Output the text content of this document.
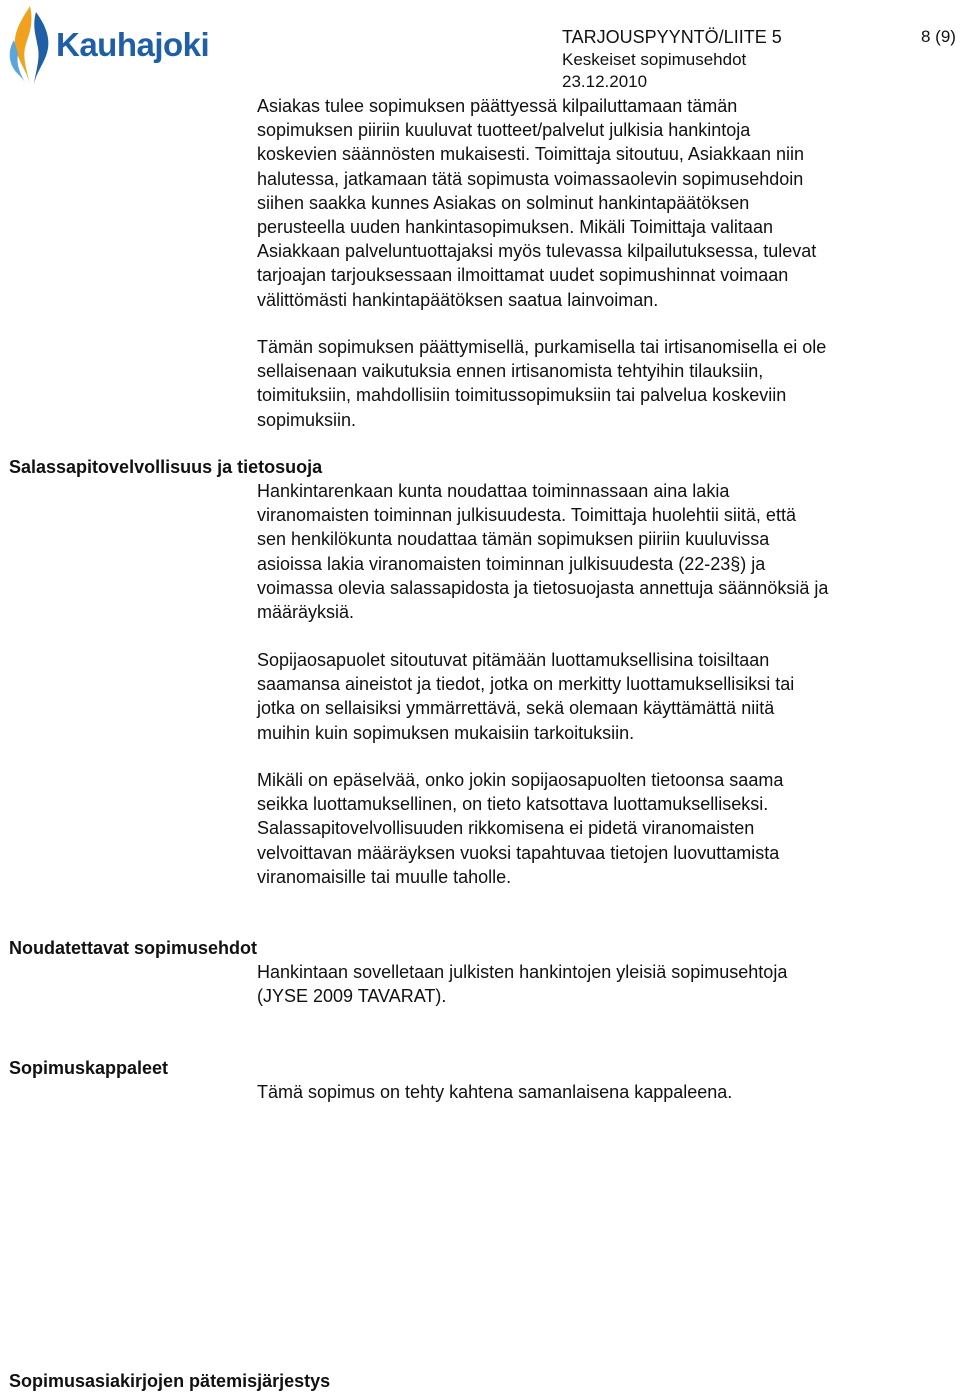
Kauhajoki	TARJOUSPYYNTÖ/LIITE 5
Keskeiset sopimusehdot
23.12.2010
8 (9)

Asiakas tulee sopimuksen päättyessä kilpailuttamaan tämän
sopimuksen piiriin kuuluvat tuotteet/palvelut julkisia hankintoja
koskevien säännösten mukaisesti. Toimittaja sitoutuu, Asiakkaan niin
halutessa, jatkamaan tätä sopimusta voimassaolevin sopimusehdoin
siihen saakka kunnes Asiakas on solminut hankintapäätöksen
perusteella uuden hankintasopimuksen. Mikäli Toimittaja valitaan
Asiakkaan palveluntuottajaksi myös tulevassa kilpailutuksessa, tulevat
tarjoajan tarjouksessaan ilmoittamat uudet sopimushinnat voimaan
välittömästi hankintapäätöksen saatua lainvoiman.

Tämän sopimuksen päättymisellä, purkamisella tai irtisanomisella ei ole
sellaisenaan vaikutuksia ennen irtisanomista tehtyihin tilauksiin,
toimituksiin, mahdollisiin toimitussopimuksiin tai palvelua koskeviin
sopimuksiin.

Salassapitovelvollisuus ja tietosuoja

Hankintarenkaan kunta noudattaa toiminnassaan aina lakia
viranomaisten toiminnan julkisuudesta. Toimittaja huolehtii siitä, että
sen henkilökunta noudattaa tämän sopimuksen piiriin kuuluvissa
asioissa lakia viranomaisten toiminnan julkisuudesta (22-23§) ja
voimassa olevia salassapidosta ja tietosuojasta annettuja säännöksiä ja
määräyksiä.

Sopijaosapuolet sitoutuvat pitämään luottamuksellisina toisiltaan
saamansa aineistot ja tiedot, jotka on merkitty luottamuksellisiksi tai
jotka on sellaisiksi ymmärrettävä, sekä olemaan käyttämättä niitä
muihin kuin sopimuksen mukaisiin tarkoituksiin.

Mikäli on epäselvää, onko jokin sopijaosapuolten tietoonsa saama
seikka luottamuksellinen, on tieto katsottava luottamukselliseksi.
Salassapitovelvollisuuden rikkomisena ei pidetä viranomaisten
velvoittavan määräyksen vuoksi tapahtuvaa tietojen luovuttamista
viranomaisille tai muulle taholle.

Noudatettavat sopimusehdot

Hankintaan sovelletaan julkisten hankintojen yleisiä sopimusehtoja
(JYSE 2009 TAVARAT).

Sopimuskappaleet

Tämä sopimus on tehty kahtena samanlaisena kappaleena.

Sopimusasiakirjojen pätemisjärjestys
